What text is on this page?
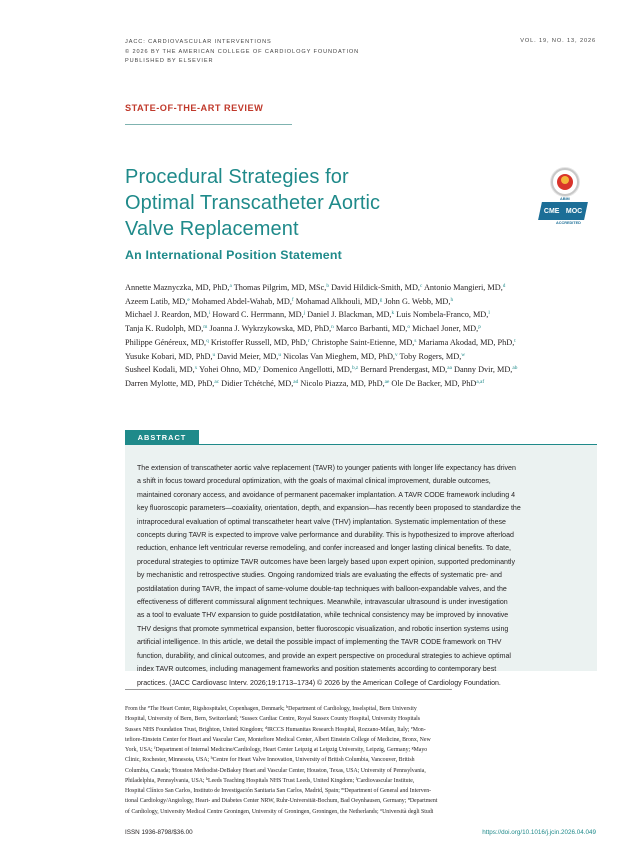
JACC: CARDIOVASCULAR INTERVENTIONS
© 2026 BY THE AMERICAN COLLEGE OF CARDIOLOGY FOUNDATION
PUBLISHED BY ELSEVIER
VOL. 19, NO. 13, 2026
STATE-OF-THE-ART REVIEW
Procedural Strategies for
Optimal Transcatheter Aortic
Valve Replacement
An International Position Statement
ABIM
CME MOC
ACCREDITED
Annette Maznyczka, MD, PhD,$^a$ Thomas Pilgrim, MD, MSc,$^b$ David Hildick-Smith, MD,$^c$ Antonio Mangieri, MD,$^d$
Azeem Latib, MD,$^e$ Mohamed Abdel-Wahab, MD,$^f$ Mohamad Alkhouli, MD,$^g$ John G. Webb, MD,$^h$
Michael J. Reardon, MD,$^i$ Howard C. Herrmann, MD,$^j$ Daniel J. Blackman, MD,$^k$ Luis Nombela-Franco, MD,$^l$
Tanja K. Rudolph, MD,$^m$ Joanna J. Wykrzykowska, MD, PhD,$^n$ Marco Barbanti, MD,$^o$ Michael Joner, MD,$^p$
Philippe Généreux, MD,$^q$ Kristoffer Russell, MD, PhD,$^r$ Christophe Saint-Etienne, MD,$^s$ Mariama Akodad, MD, PhD,$^t$
Yusuke Kobari, MD, PhD,$^u$ David Meier, MD,$^u$ Nicolas Van Mieghem, MD, PhD,$^v$ Toby Rogers, MD,$^w$
Susheel Kodali, MD,$^x$ Yohei Ohno, MD,$^y$ Domenico Angellotti, MD,$^{b,z}$ Bernard Prendergast, MD,$^{aa}$ Danny Dvir, MD,$^{ab}$
Darren Mylotte, MD, PhD,$^{ac}$ Didier Tchétché, MD,$^{ad}$ Nicolo Piazza, MD, PhD,$^{ae}$ Ole De Backer, MD, PhD$^{a,af}$
ABSTRACT
The extension of transcatheter aortic valve replacement (TAVR) to younger patients with longer life expectancy has driven
a shift in focus toward procedural optimization, with the goals of maximal clinical improvement, durable outcomes,
maintained coronary access, and avoidance of permanent pacemaker implantation. A TAVR CODE framework including 4
key fluoroscopic parameters—coaxiality, orientation, depth, and expansion—has recently been proposed to standardize the
intraprocedural evaluation of optimal transcatheter heart valve (THV) implantation. Systematic implementation of these
concepts during TAVR is expected to improve valve performance and durability. This is hypothesized to improve afterload
reduction, enhance left ventricular reverse remodeling, and confer increased and longer lasting clinical benefits. To date,
procedural strategies to optimize TAVR outcomes have been largely based upon expert opinion, supported predominantly
by mechanistic and retrospective studies. Ongoing randomized trials are evaluating the effects of systematic pre- and
postdilatation during TAVR, the impact of same-volume double-tap techniques with balloon-expandable valves, and the
effectiveness of different commissural alignment techniques. Meanwhile, intravascular ultrasound is under investigation
as a tool to evaluate THV expansion to guide postdilatation, while technical consistency may be improved by innovative
THV designs that promote symmetrical expansion, better fluoroscopic visualization, and robotic insertion systems using
artificial intelligence. In this article, we detail the possible impact of implementing the TAVR CODE framework on THV
function, durability, and clinical outcomes, and provide an expert perspective on procedural strategies to achieve optimal
index TAVR outcomes, including management frameworks and position statements according to contemporary best
practices. (JACC Cardiovasc Interv. 2026;19:1713–1734) © 2026 by the American College of Cardiology Foundation.
From the $^a$The Heart Center, Rigshospitalet, Copenhagen, Denmark; $^b$Department of Cardiology, Inselspital, Bern University
Hospital, University of Bern, Bern, Switzerland; $^c$Sussex Cardiac Centre, Royal Sussex County Hospital, University Hospitals
Sussex NHS Foundation Trust, Brighton, United Kingdom; $^d$IRCCS Humanitas Research Hospital, Rozzano-Milan, Italy; $^e$Mon-
tefiore-Einstein Center for Heart and Vascular Care, Montefiore Medical Center, Albert Einstein College of Medicine, Bronx, New
York, USA; $^f$Department of Internal Medicine/Cardiology, Heart Center Leipzig at Leipzig University, Leipzig, Germany; $^g$Mayo
Clinic, Rochester, Minnesota, USA; $^h$Centre for Heart Valve Innovation, University of British Columbia, Vancouver, British
Columbia, Canada; $^i$Houston Methodist-DeBakey Heart and Vascular Center, Houston, Texas, USA; University of Pennsylvania,
Philadelphia, Pennsylvania, USA; $^k$Leeds Teaching Hospitals NHS Trust Leeds, United Kingdom; $^l$Cardiovascular Institute,
Hospital Clínico San Carlos, Instituto de Investigación Sanitaria San Carlos, Madrid, Spain; $^m$Department of General and Interven-
tional Cardiology/Angiology, Heart- and Diabetes Center NRW, Ruhr-Universität-Bochum, Bad Oeynhausen, Germany; $^n$Department
of Cardiology, University Medical Centre Groningen, University of Groningen, Groningen, the Netherlands; $^o$Università degli Studi
ISSN 1936-8798/$36.00	https://doi.org/10.1016/j.jcin.2026.04.049
